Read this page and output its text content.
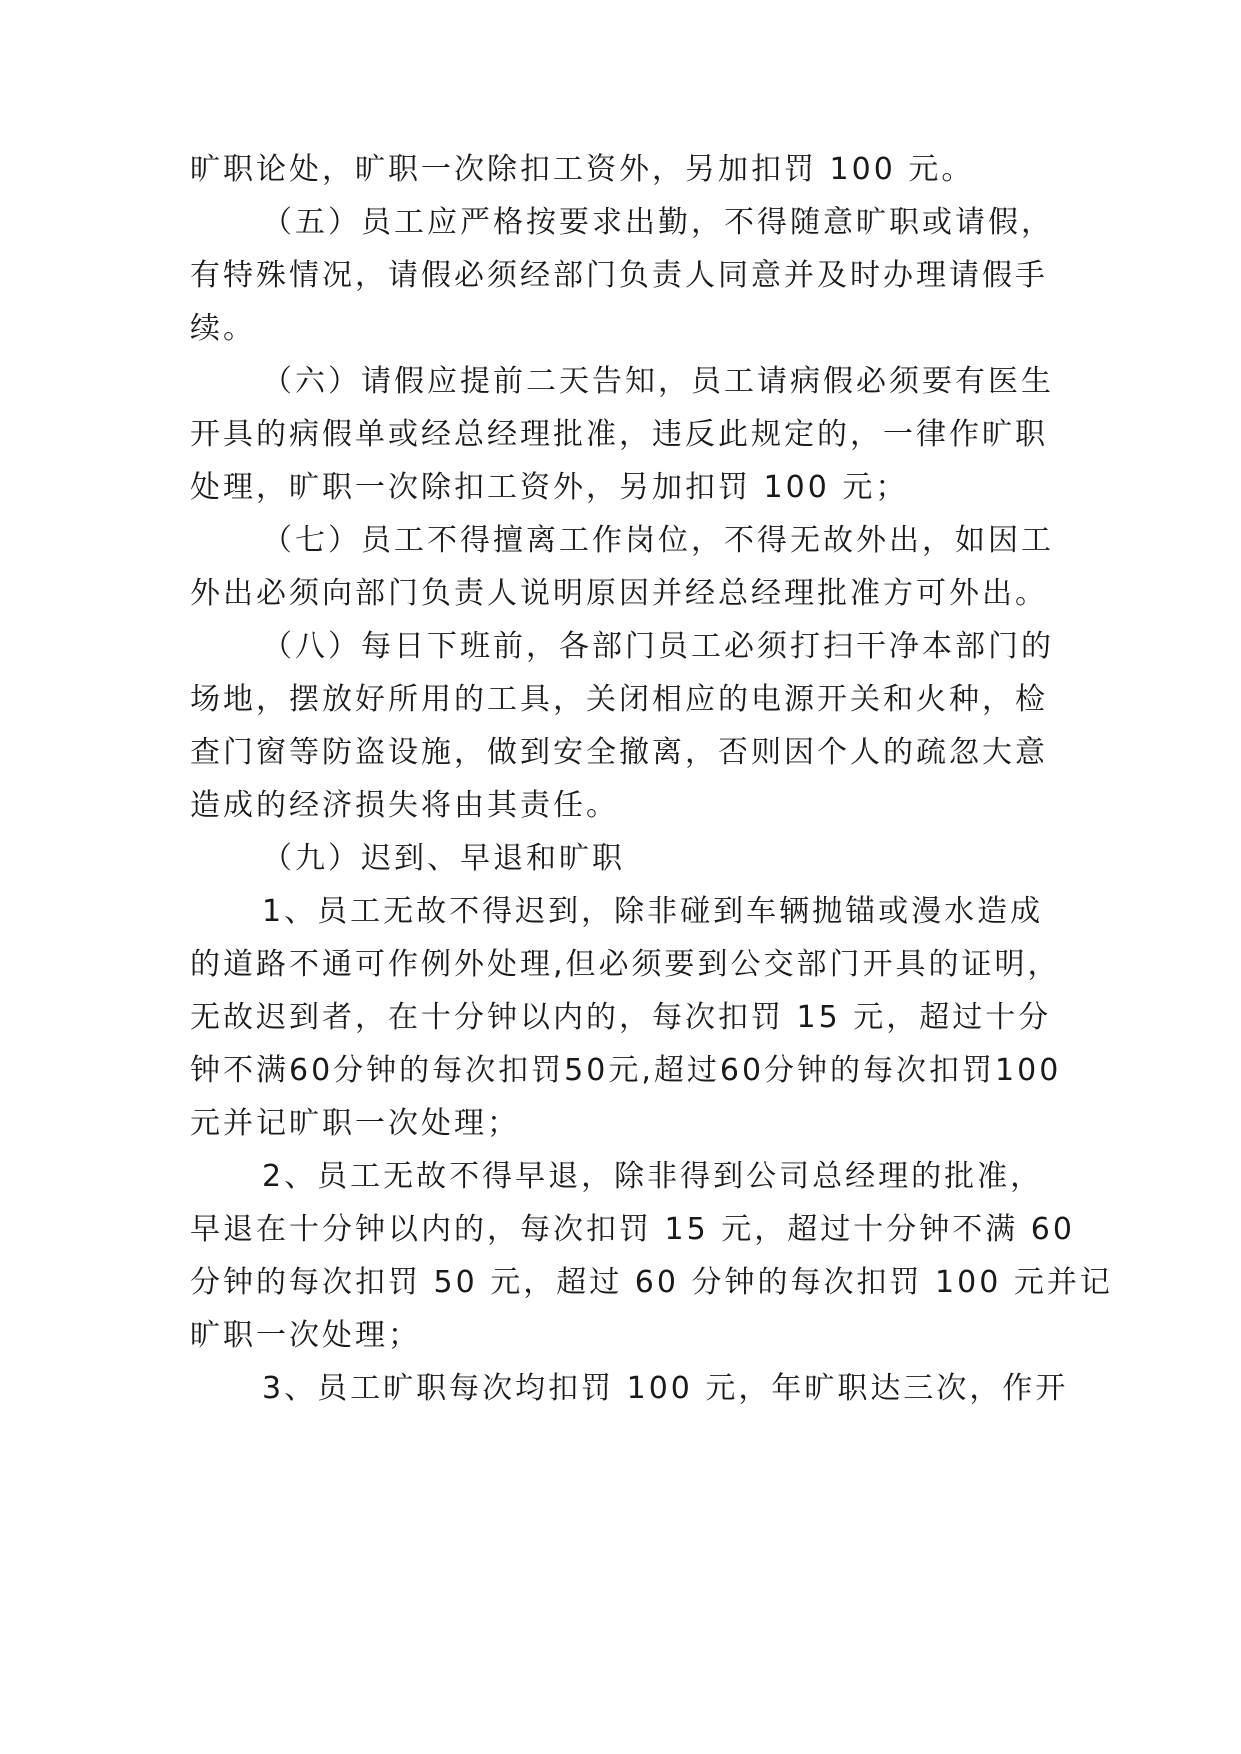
旷职论处，旷职一次除扣工资外，另加扣罚 100 元。
（五）员工应严格按要求出勤，不得随意旷职或请假，
有特殊情况，请假必须经部门负责人同意并及时办理请假手
续。
（六）请假应提前二天告知，员工请病假必须要有医生
开具的病假单或经总经理批准，违反此规定的，一律作旷职
处理，旷职一次除扣工资外，另加扣罚 100 元；
（七）员工不得擅离工作岗位，不得无故外出，如因工
外出必须向部门负责人说明原因并经总经理批准方可外出。
（八）每日下班前，各部门员工必须打扫干净本部门的
场地，摆放好所用的工具，关闭相应的电源开关和火种，检
查门窗等防盗设施，做到安全撤离，否则因个人的疏忽大意
造成的经济损失将由其责任。
（九）迟到、早退和旷职
1、员工无故不得迟到，除非碰到车辆抛锚或漫水造成
的道路不通可作例外处理,但必须要到公交部门开具的证明，
无故迟到者，在十分钟以内的，每次扣罚 15 元，超过十分
钟不满60分钟的每次扣罚50元,超过60分钟的每次扣罚100
元并记旷职一次处理；
2、员工无故不得早退，除非得到公司总经理的批准，
早退在十分钟以内的，每次扣罚 15 元，超过十分钟不满 60
分钟的每次扣罚 50 元，超过 60 分钟的每次扣罚 100 元并记
旷职一次处理；
3、员工旷职每次均扣罚 100 元，年旷职达三次，作开
